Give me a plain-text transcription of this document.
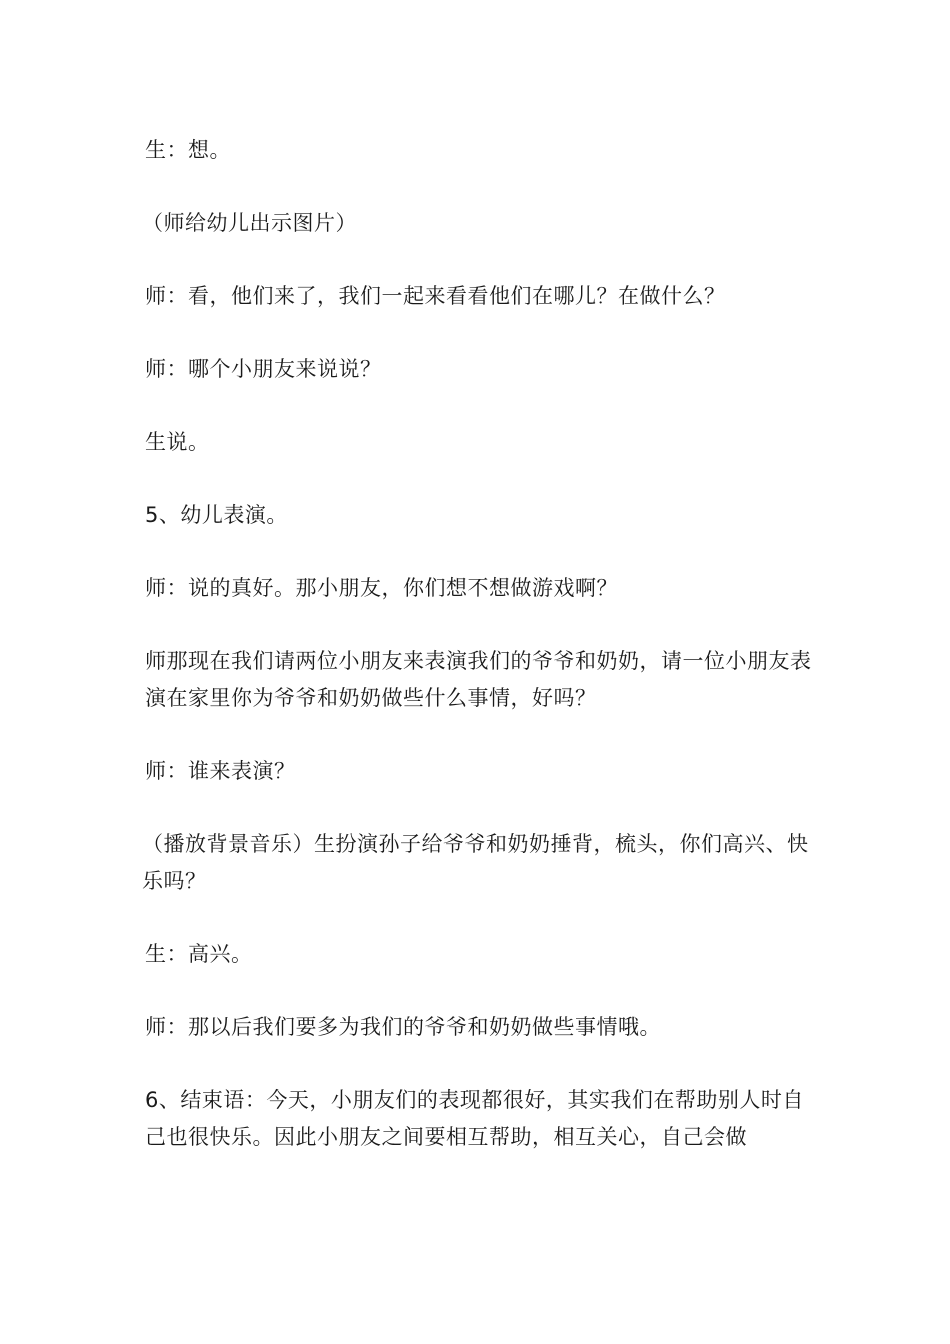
生：想。

（师给幼儿出示图片）

师：看，他们来了，我们一起来看看他们在哪儿？在做什么？

师：哪个小朋友来说说？

生说。

5、幼儿表演。

师：说的真好。那小朋友，你们想不想做游戏啊？

师那现在我们请两位小朋友来表演我们的爷爷和奶奶，请一位小朋友表演在家里你为爷爷和奶奶做些什么事情，好吗？

师：谁来表演？

（播放背景音乐）生扮演孙子给爷爷和奶奶捶背，梳头，你们高兴、快乐吗？

生：高兴。

师：那以后我们要多为我们的爷爷和奶奶做些事情哦。

6、结束语：今天，小朋友们的表现都很好，其实我们在帮助别人时自己也很快乐。因此小朋友之间要相互帮助，相互关心，自己会做
